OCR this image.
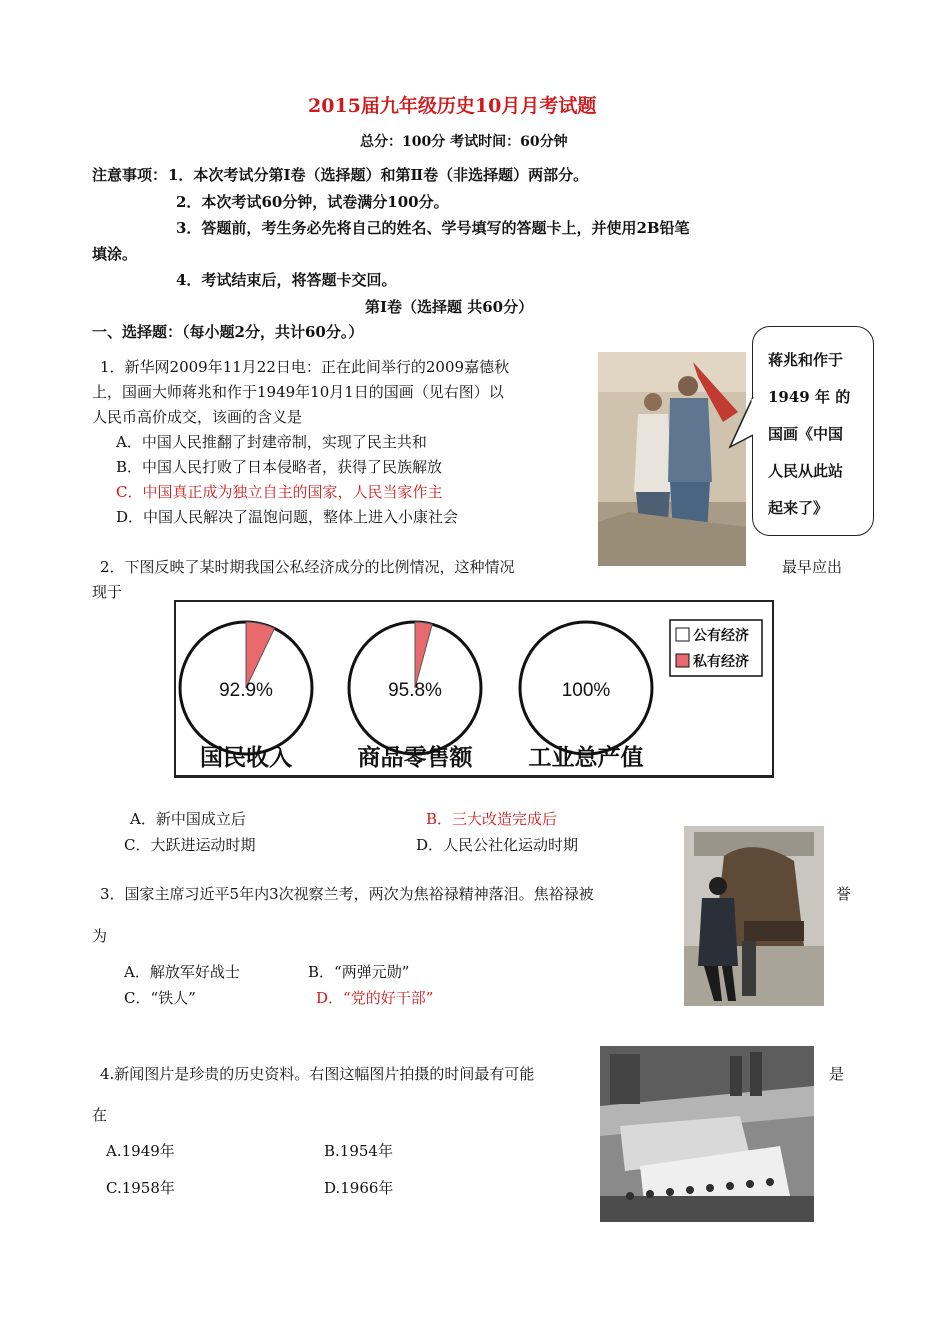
2015届九年级历史10月月考试题
总分：100分 考试时间：60分钟
注意事项： 1．本次考试分第Ⅰ卷（选择题）和第Ⅱ卷（非选择题）两部分。
2．本次考试60分钟，试卷满分100分。
3．答题前，考生务必先将自己的姓名、学号填写的答题卡上，并使用2B铅笔
填涂。
4．考试结束后，将答题卡交回。
第Ⅰ卷（选择题 共60分）
一、选择题：（每小题2分，共计60分。）
1．新华网2009年11月22日电：正在此间举行的2009嘉德秋
上，国画大师蒋兆和作于1949年10月1日的国画（见右图）以
人民币高价成交，该画的含义是
A．中国人民推翻了封建帝制，实现了民主共和
B．中国人民打败了日本侵略者，获得了民族解放
C．中国真正成为独立自主的国家，人民当家作主
D．中国人民解决了温饱问题，整体上进入小康社会
蒋兆和作于
1949 年 的
国画《中国
人民从此站
起来了》
2．下图反映了某时期我国公私经济成分的比例情况，这种情况	最早应出
现于
92.9%
国民收入
95.8%
商品零售额
100%
工业总产值
公有经济
私有经济
A．新中国成立后	B．三大改造完成后
C．大跃进运动时期	D．人民公社化运动时期
3．国家主席习近平5年内3次视察兰考，两次为焦裕禄精神落泪。焦裕禄被	誉
为
A．解放军好战士	B．“两弹元勋”
C．“铁人”	D．“党的好干部”
4.新闻图片是珍贵的历史资料。右图这幅图片拍摄的时间最有可能	是
在
A.1949年	B.1954年
C.1958年	D.1966年
